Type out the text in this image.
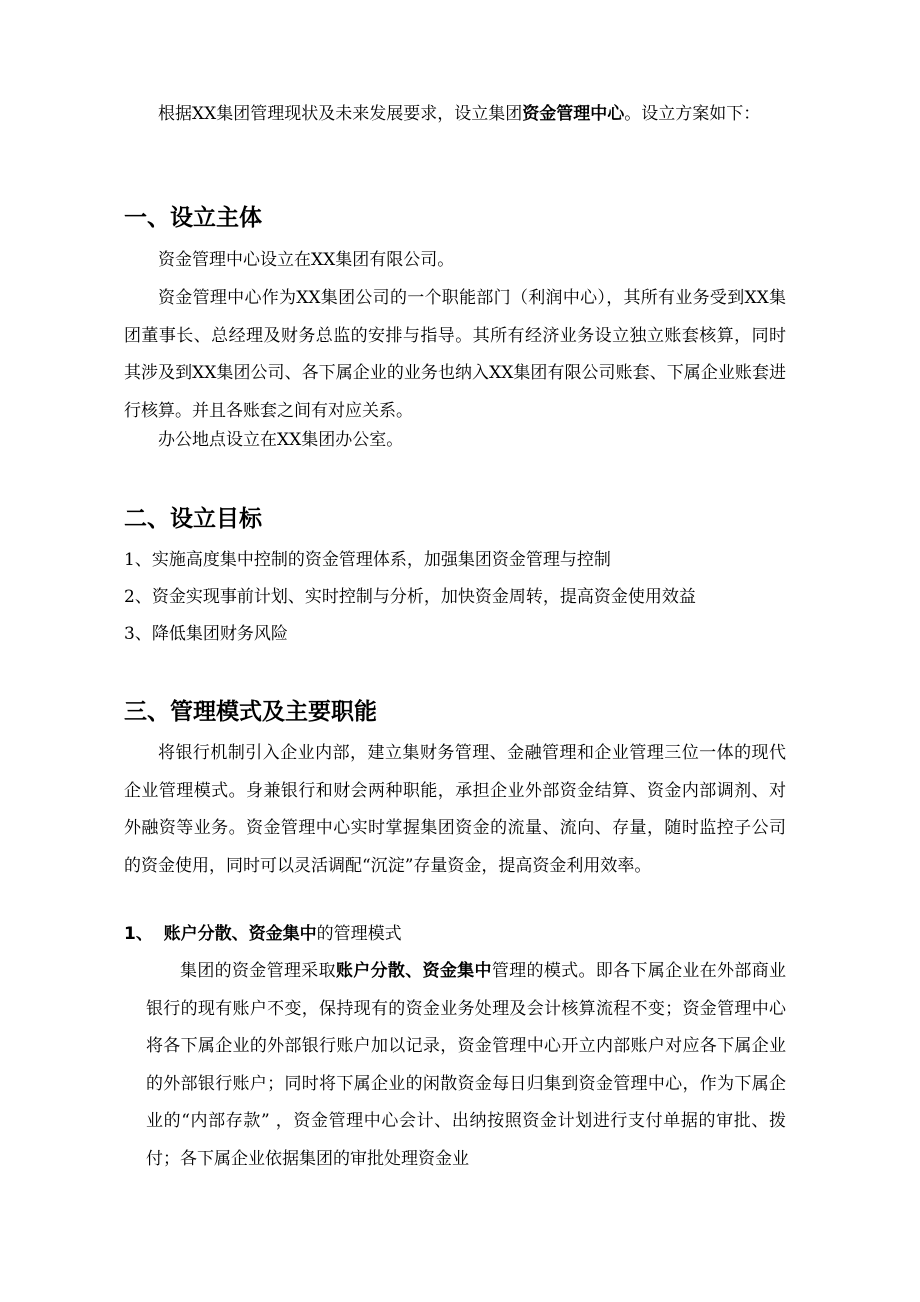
根据XX集团管理现状及未来发展要求，设立集团资金管理中心。设立方案如下：

一、设立主体

资金管理中心设立在XX集团有限公司。

资金管理中心作为XX集团公司的一个职能部门（利润中心），其所有业务受到XX集团董事长、总经理及财务总监的安排与指导。其所有经济业务设立独立账套核算，同时其涉及到XX集团公司、各下属企业的业务也纳入XX集团有限公司账套、下属企业账套进行核算。并且各账套之间有对应关系。

办公地点设立在XX集团办公室。

二、设立目标

1、实施高度集中控制的资金管理体系，加强集团资金管理与控制

2、资金实现事前计划、实时控制与分析，加快资金周转，提高资金使用效益

3、降低集团财务风险

三、管理模式及主要职能

将银行机制引入企业内部，建立集财务管理、金融管理和企业管理三位一体的现代企业管理模式。身兼银行和财会两种职能，承担企业外部资金结算、资金内部调剂、对外融资等业务。资金管理中心实时掌握集团资金的流量、流向、存量，随时监控子公司的资金使用，同时可以灵活调配“沉淀”存量资金，提高资金利用效率。

1、 账户分散、资金集中的管理模式

集团的资金管理采取账户分散、资金集中管理的模式。即各下属企业在外部商业银行的现有账户不变，保持现有的资金业务处理及会计核算流程不变；资金管理中心将各下属企业的外部银行账户加以记录，资金管理中心开立内部账户对应各下属企业的外部银行账户；同时将下属企业的闲散资金每日归集到资金管理中心，作为下属企业的“内部存款” ，资金管理中心会计、出纳按照资金计划进行支付单据的审批、拨付；各下属企业依据集团的审批处理资金业
